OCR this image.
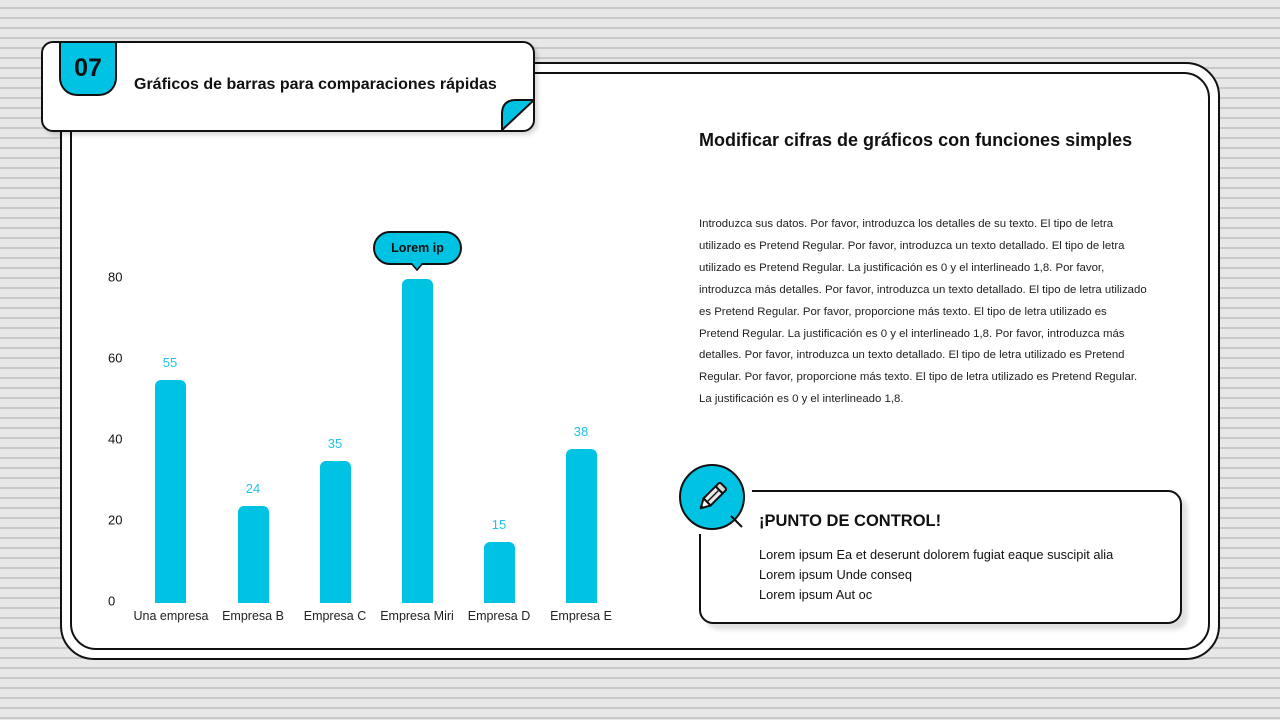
07
Gráficos de barras para comparaciones rápidas
80
60
40
20
0
55
Una empresa
24
Empresa B
35
Empresa C Empresa Miri
15
Empresa D
38
Empresa E
Lorem ip
Modificar cifras de gráficos con funciones simples
Introduzca sus datos. Por favor, introduzca los detalles de su texto. El tipo de letra utilizado es Pretend Regular. Por favor, introduzca un texto detallado. El tipo de letra utilizado es Pretend Regular. La justificación es 0 y el interlineado 1,8. Por favor, introduzca más detalles. Por favor, introduzca un texto detallado. El tipo de letra utilizado es Pretend Regular. Por favor, proporcione más texto. El tipo de letra utilizado es Pretend Regular. La justificación es 0 y el interlineado 1,8. Por favor, introduzca más detalles. Por favor, introduzca un texto detallado. El tipo de letra utilizado es Pretend Regular. Por favor, proporcione más texto. El tipo de letra utilizado es Pretend Regular. La justificación es 0 y el interlineado 1,8.
¡PUNTO DE CONTROL!
Lorem ipsum Ea et deserunt dolorem fugiat eaque suscipit alia
Lorem ipsum Unde conseq
Lorem ipsum Aut oc
